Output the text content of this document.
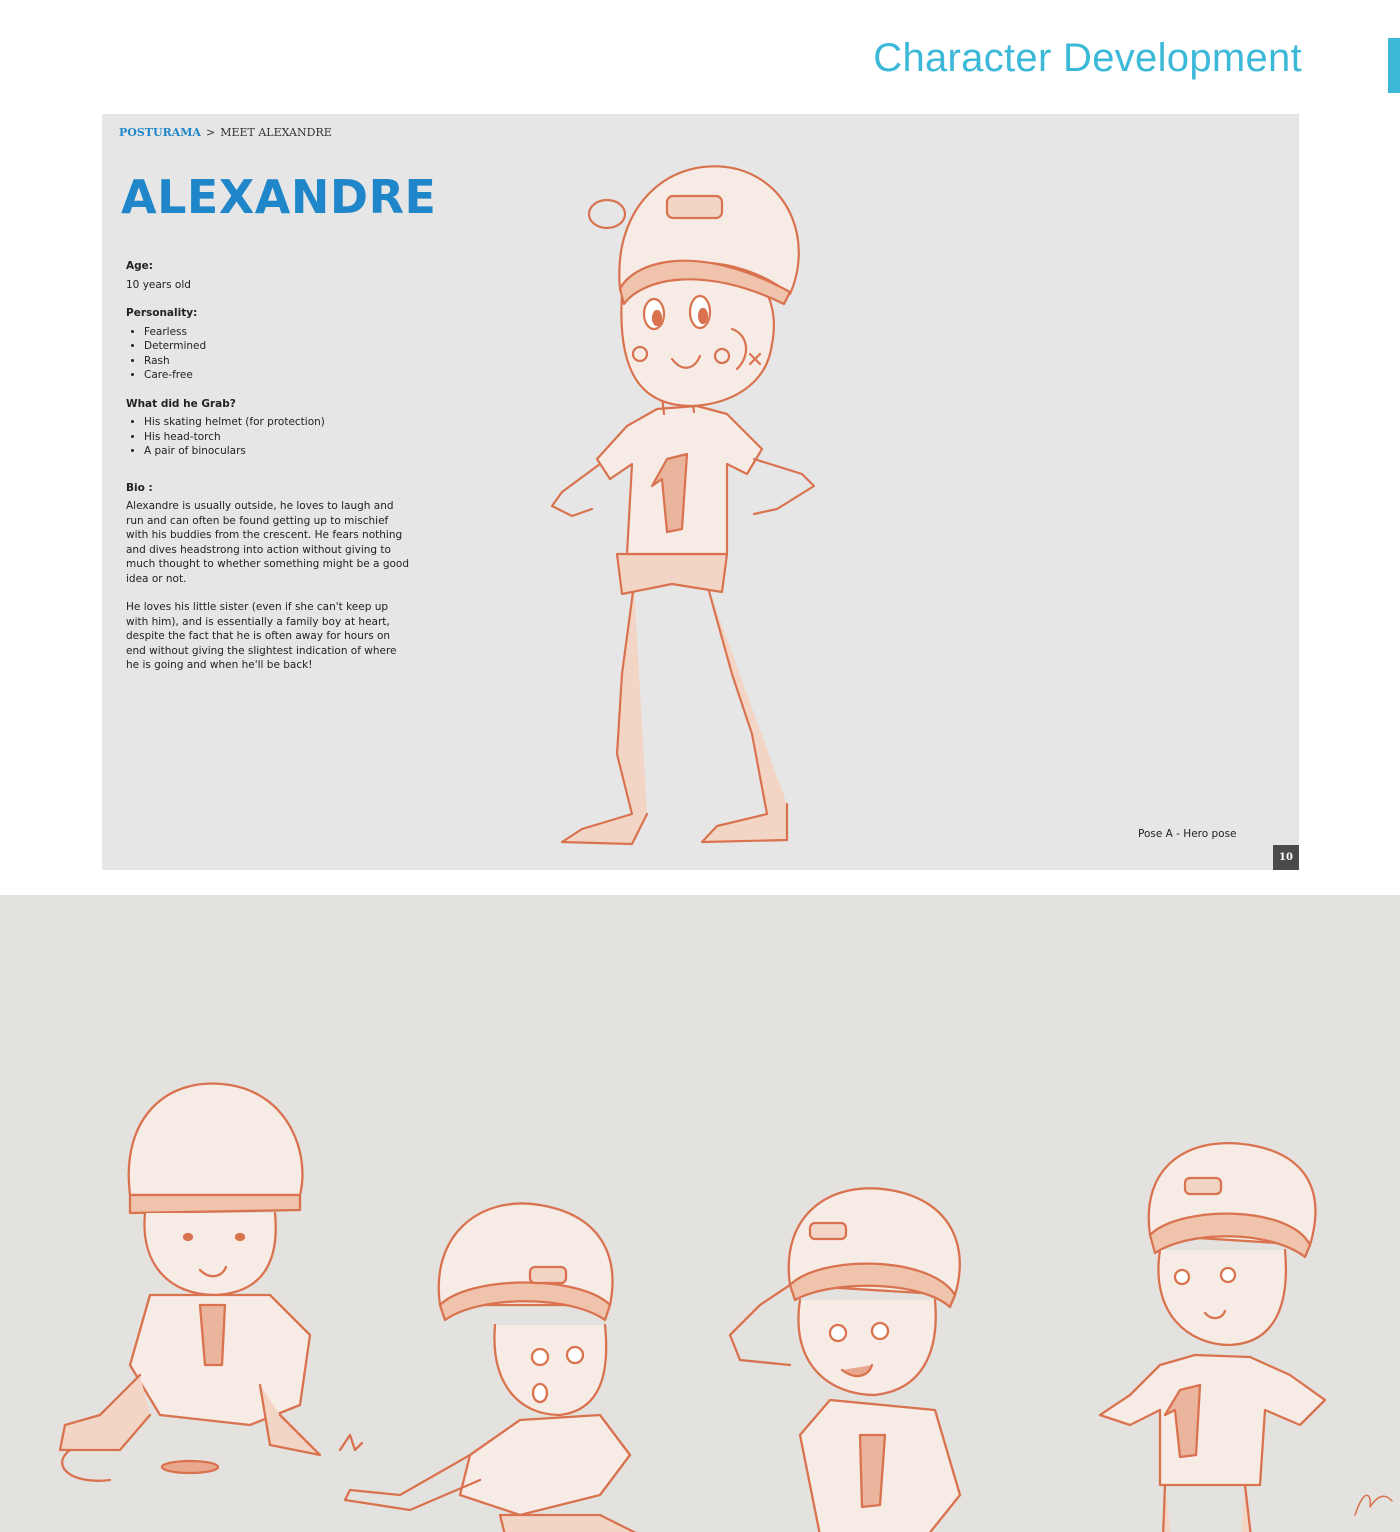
Character Development
POSTURAMA > MEET ALEXANDRE
ALEXANDRE
Age:

10 years old

Personality:
• Fearless
• Determined
• Rash
• Care-free
What did he Grab?
• His skating helmet (for protection)
• His head-torch
• A pair of binoculars
Bio :

Alexandre is usually outside, he loves to laugh and run and can often be found getting up to mischief with his buddies from the crescent. He fears nothing and dives headstrong into action without giving to much thought to whether something might be a good idea or not.

He loves his little sister (even if she can't keep up with him), and is essentially a family boy at heart, despite the fact that he is often away for hours on end without giving the slightest indication of where he is going and when he'll be back!

Pose A - Hero pose
10
